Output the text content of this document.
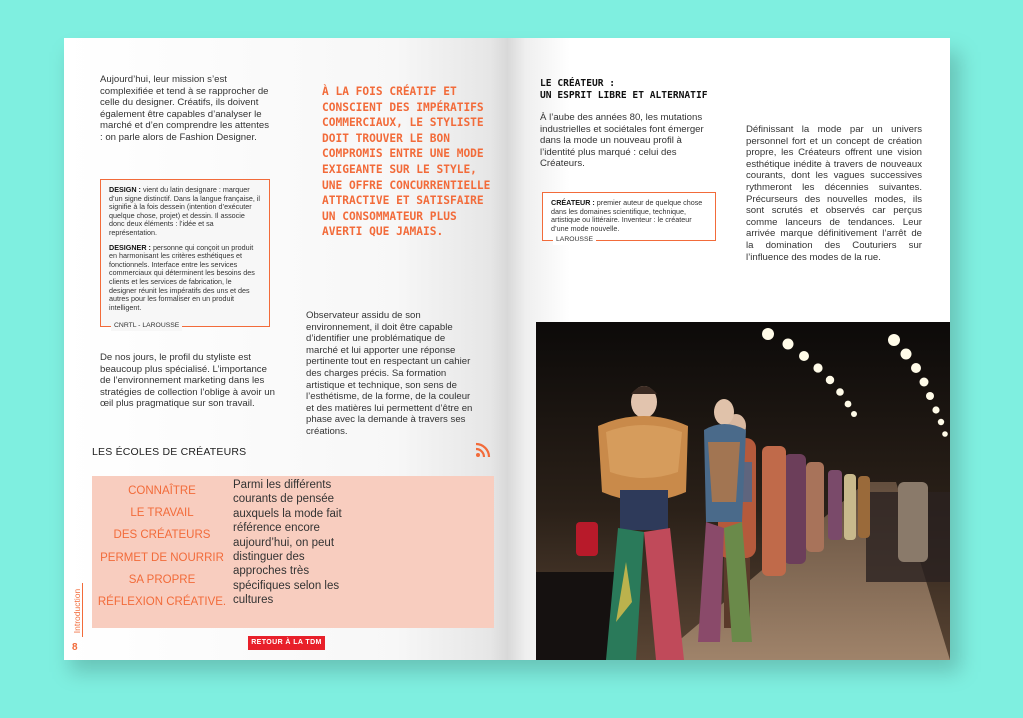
Aujourd’hui, leur mission s’est complexifiée et tend à se rapprocher de celle du designer. Créatifs, ils doivent également être capables d’analyser le marché et d’en comprendre les attentes : on parle alors de Fashion Designer.

DESIGN : vient du latin designare : marquer d’un signe distinctif. Dans la langue française, il signifie à la fois dessein (intention d’exécuter quelque chose, projet) et dessin. Il associe donc deux éléments : l’idée et sa représentation.

DESIGNER : personne qui conçoit un produit en harmonisant les critères esthétiques et fonctionnels. Interface entre les services commerciaux qui déterminent les besoins des clients et les services de fabrication, le designer réunit les impératifs des uns et des autres pour les formaliser en un produit intelligent.

CNRTL - LAROUSSE
À LA FOIS CRÉATIF ET CONSCIENT DES IMPÉRATIFS COMMERCIAUX, LE STYLISTE DOIT TROUVER LE BON COMPROMIS ENTRE UNE MODE EXIGEANTE SUR LE STYLE, UNE OFFRE CONCURRENTIELLE ATTRACTIVE ET SATISFAIRE UN CONSOMMATEUR PLUS AVERTI QUE JAMAIS.

De nos jours, le profil du styliste est beaucoup plus spécialisé. L’importance de l’environnement marketing dans les stratégies de collection l’oblige à avoir un œil plus pragmatique sur son travail.

Observateur assidu de son environnement, il doit être capable d’identifier une problématique de marché et lui apporter une réponse pertinente tout en respectant un cahier des charges précis. Sa formation artistique et technique, son sens de l’esthétisme, de la forme, de la couleur et des matières lui permettent d’être en phase avec la demande à travers ses créations.

LES ÉCOLES DE CRÉATEURS
CONNAÎTRE
LE TRAVAIL
DES CRÉATEURS
PERMET DE NOURRIR
SA PROPRE
RÉFLEXION CRÉATIVE.
Parmi les différents courants de pensée auxquels la mode fait référence encore aujourd’hui, on peut distinguer des approches très spécifiques selon les cultures
Introduction
8	RETOUR À LA TDM
LE CRÉATEUR :
UN ESPRIT LIBRE ET ALTERNATIF

À l’aube des années 80, les mutations industrielles et sociétales font émerger dans la mode un nouveau profil à l’identité plus marqué : celui des Créateurs.

CRÉATEUR : premier auteur de quelque chose dans les domaines scientifique, technique, artistique ou littéraire. Inventeur : le créateur d’une mode nouvelle.

LAROUSSE

Définissant la mode par un univers personnel fort et un concept de création propre, les Créateurs offrent une vision esthétique inédite à travers de nouveaux courants, dont les vagues successives rythmeront les décennies suivantes. Précurseurs des nouvelles modes, ils sont scrutés et observés car perçus comme lanceurs de tendances. Leur arrivée marque définitivement l’arrêt de la domination des Couturiers sur l’influence des modes de la rue.
